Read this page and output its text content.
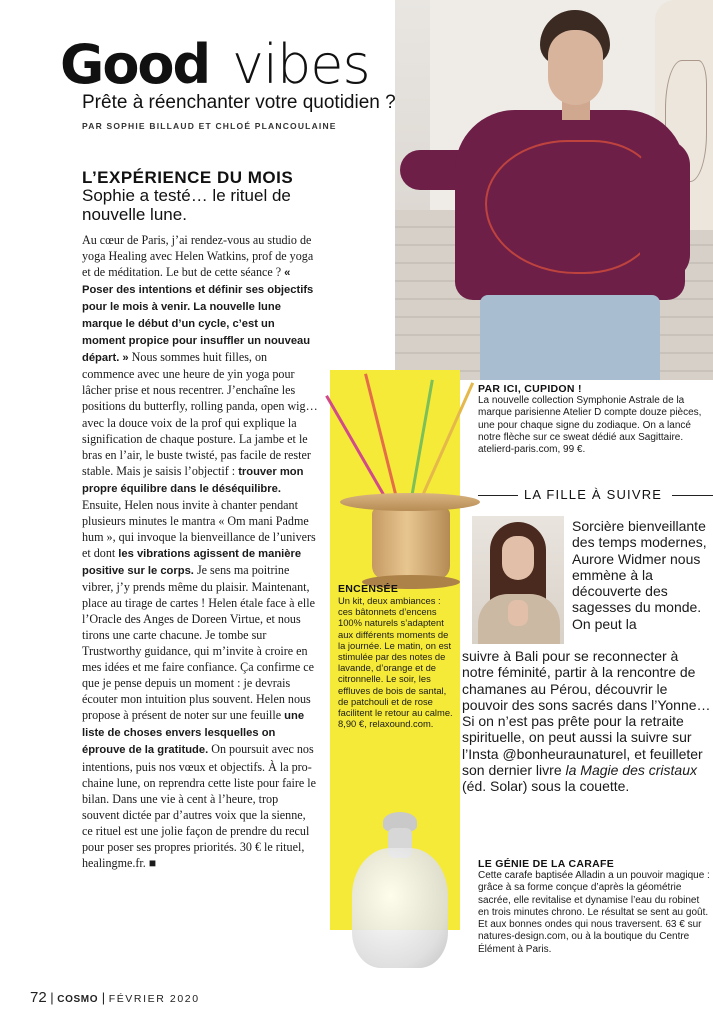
Good vibes
Prête à réenchanter votre quotidien ?
PAR SOPHIE BILLAUD ET CHLOÉ PLANCOULAINE
L’EXPÉRIENCE DU MOIS
Sophie a testé… le rituel de nouvelle lune.
Au cœur de Paris, j’ai rendez-vous au studio de yoga Healing avec Helen Watkins, prof de yoga et de méditation. Le but de cette séance ? « Poser des intentions et définir ses objectifs pour le mois à venir. La nouvelle lune marque le début d’un cycle, c’est un moment propice pour insuffler un nouveau départ. » Nous sommes huit filles, on commence avec une heure de yin yoga pour lâcher prise et nous recentrer. J’enchaîne les positions du butterfly, rolling panda, open wig… avec la douce voix de la prof qui explique la signification de chaque posture. La jambe et le bras en l’air, le buste twisté, pas facile de rester stable. Mais je saisis l’objectif : trouver mon propre équilibre dans le déséquilibre. Ensuite, Helen nous invite à chanter pendant plusieurs minutes le mantra « Om mani Padme hum », qui invoque la bienveillance de l’univers et dont les vibrations agissent de manière positive sur le corps. Je sens ma poitrine vibrer, j’y prends même du plaisir. Maintenant, place au tirage de cartes ! Helen étale face à elle l’Oracle des Anges de Doreen Virtue, et nous tirons une carte chacune. Je tombe sur Trustworthy guidance, qui m’invite à croire en mes idées et me faire confiance. Ça confirme ce que je pense depuis un moment : je devrais écouter mon intuition plus souvent. Helen nous propose à présent de noter sur une feuille une liste de choses envers lesquelles on éprouve de la gratitude. On poursuit avec nos intentions, puis nos vœux et objectifs. À la prochaine lune, on reprendra cette liste pour faire le bilan. Dans une vie à cent à l’heure, trop souvent dictée par d’autres voix que la sienne, ce rituel est une jolie façon de prendre du recul pour poser ses propres priorités. 30 € le rituel, healingme.fr. ■
ENCENSÉE
Un kit, deux ambiances : ces bâtonnets d’encens 100% naturels s’adaptent aux différents moments de la journée. Le matin, on est stimulée par des notes de lavande, d’orange et de citronnelle. Le soir, les effluves de bois de santal, de patchouli et de rose facilitent le retour au calme. 8,90 €, relaxound.com.
PAR ICI, CUPIDON !
La nouvelle collection Symphonie Astrale de la marque parisienne Atelier D compte douze pièces, une pour chaque signe du zodiaque. On a lancé notre flèche sur ce sweat dédié aux Sagittaire. atelierd-paris.com, 99 €.
LA FILLE À SUIVRE
Sorcière bienveillante des temps modernes, Aurore Widmer nous emmène à la découverte des sagesses du monde. On peut la
suivre à Bali pour se reconnecter à notre féminité, partir à la rencontre de chamanes au Pérou, découvrir le pouvoir des sons sacrés dans l’Yonne… Si on n’est pas prête pour la retraite spirituelle, on peut aussi la suivre sur l’Insta @bonheuraunaturel, et feuilleter son dernier livre la Magie des cristaux (éd. Solar) sous la couette.
LE GÉNIE DE LA CARAFE
Cette carafe baptisée Alladin a un pouvoir magique : grâce à sa forme conçue d’après la géométrie sacrée, elle revitalise et dynamise l’eau du robinet en trois minutes chrono. Le résultat se sent au goût. Et aux bonnes ondes qui nous traversent. 63 € sur natures-design.com, ou à la boutique du Centre Élément à Paris.
72 | COSMO | FÉVRIER 2020
